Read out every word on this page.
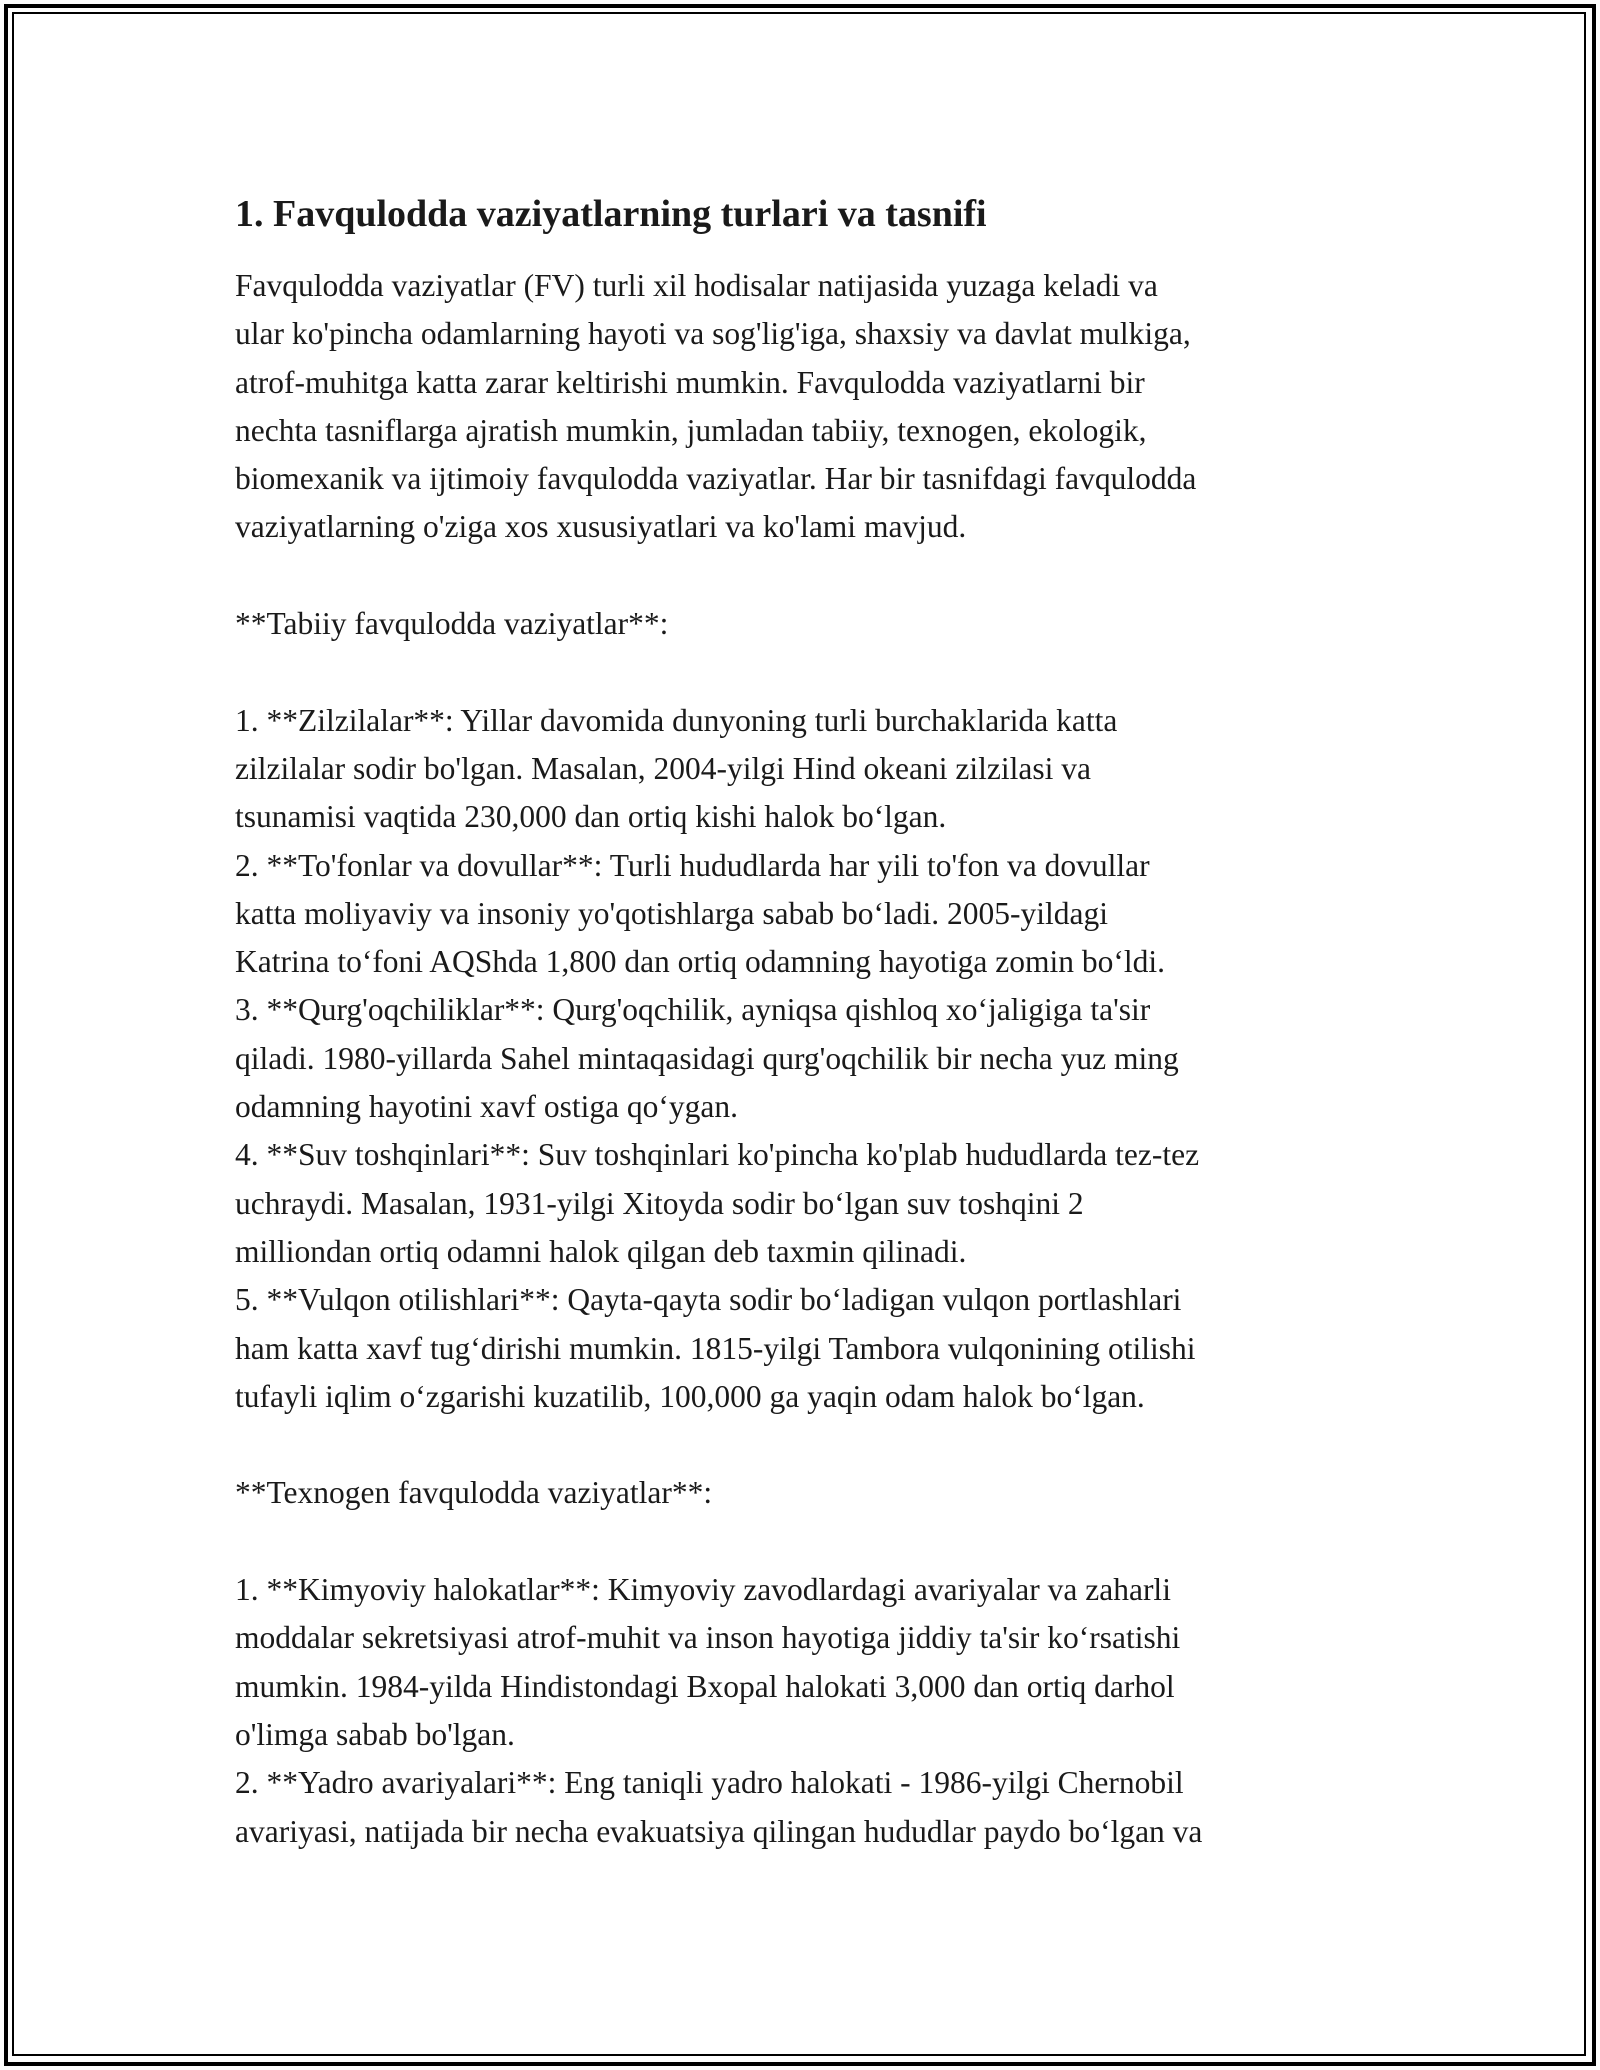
1. Favqulodda vaziyatlarning turlari va tasnifi
Favqulodda vaziyatlar (FV) turli xil hodisalar natijasida yuzaga keladi va
ular ko'pincha odamlarning hayoti va sog'lig'iga, shaxsiy va davlat mulkiga,
atrof-muhitga katta zarar keltirishi mumkin. Favqulodda vaziyatlarni bir
nechta tasniflarga ajratish mumkin, jumladan tabiiy, texnogen, ekologik,
biomexanik va ijtimoiy favqulodda vaziyatlar. Har bir tasnifdagi favqulodda
vaziyatlarning o'ziga xos xususiyatlari va ko'lami mavjud.
**Tabiiy favqulodda vaziyatlar**:
1. **Zilzilalar**: Yillar davomida dunyoning turli burchaklarida katta
zilzilalar sodir bo'lgan. Masalan, 2004-yilgi Hind okeani zilzilasi va
tsunamisi vaqtida 230,000 dan ortiq kishi halok bo‘lgan.
2. **To'fonlar va dovullar**: Turli hududlarda har yili to'fon va dovullar
katta moliyaviy va insoniy yo'qotishlarga sabab bo‘ladi. 2005-yildagi
Katrina to‘foni AQShda 1,800 dan ortiq odamning hayotiga zomin bo‘ldi.
3. **Qurg'oqchiliklar**: Qurg'oqchilik, ayniqsa qishloq xo‘jaligiga ta'sir
qiladi. 1980-yillarda Sahel mintaqasidagi qurg'oqchilik bir necha yuz ming
odamning hayotini xavf ostiga qo‘ygan.
4. **Suv toshqinlari**: Suv toshqinlari ko'pincha ko'plab hududlarda tez-tez
uchraydi. Masalan, 1931-yilgi Xitoyda sodir bo‘lgan suv toshqini 2
milliondan ortiq odamni halok qilgan deb taxmin qilinadi.
5. **Vulqon otilishlari**: Qayta-qayta sodir bo‘ladigan vulqon portlashlari
ham katta xavf tug‘dirishi mumkin. 1815-yilgi Tambora vulqonining otilishi
tufayli iqlim o‘zgarishi kuzatilib, 100,000 ga yaqin odam halok bo‘lgan.
**Texnogen favqulodda vaziyatlar**:
1. **Kimyoviy halokatlar**: Kimyoviy zavodlardagi avariyalar va zaharli
moddalar sekretsiyasi atrof-muhit va inson hayotiga jiddiy ta'sir ko‘rsatishi
mumkin. 1984-yilda Hindistondagi Bxopal halokati 3,000 dan ortiq darhol
o'limga sabab bo'lgan.
2. **Yadro avariyalari**: Eng taniqli yadro halokati - 1986-yilgi Chernobil
avariyasi, natijada bir necha evakuatsiya qilingan hududlar paydo bo‘lgan va
